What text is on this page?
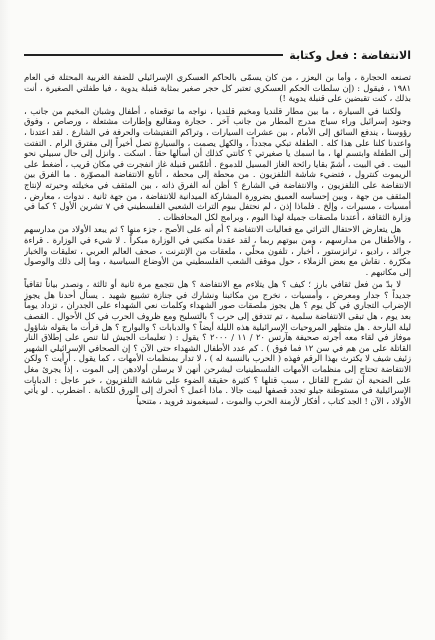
الانتفاضة : فعل وكتابة

تصنعه الحجارة ، وأما بن اليعزر ، من كان يسمّى بالحاكم العسكري الإسرائيلي للضفة الغربية المحتلة في العام ١٩٨١ ، فيقول : (إن سلطات الحكم العسكري تعتبر كل حجر صغير بمثابة قنبلة يدوية ، فيا طفلتي الصغيرة ، أنت بذلك ، كنت تقبضين على قنبلة يدوية !)

ولكننا في السيارة ، ما بين مطار قلنديا ومخيم قلنديا ، نواجه ما توقعناه ، أطفال وشبان المخيم من جانب ، وجنود إسرائيل وراء سياج مدرج المطار من جانب آخر . حجارة ومقاليع وإطارات مشتعلة ، ورصاص ، وفوق رؤوسنا ، يندفع السائق إلى الأمام ، بين عشرات السيارات ، وتراكم التفتيشات والحرفة في الشارع . لقد اعتدنا ، واعتدنا كلنا على هذا كله . الطفلة تبكي مجدداً ، والكهل يصمت ، والسيارة تصل أخيراً إلى مفترق الرام . التفتت إلى الطفلة وابتسم لها ، ما اسمك يا صغيرتي ؟ كانتي كذلك أن أسألها حقاً . اسكت . وانزل إلى حال سبيلي نحو البيت . في البيت ، أشمّ بقايا رائحة الغاز المسيل للدموع . أتلمّس قنبلة غاز انفجرت في مكان قريب ، أضغط على الريموت كنترول ، فتضيء شاشة التلفزيون . من محطة إلى محطة ، أتابع الانتفاضة المصوّرة . ما الفرق بين الانتفاضة على التلفزيون ، والانتفاضة في الشارع ؟ أظن أنه الفرق ذاته ، بين المثقف في مخيلته وحيرته لإنتاج المثقف من جهة ، وبين إحساسه العميق بضرورة المشاركة الميدانية للانتفاضة ، من جهة ثانية . ندوات ، معارض ، أمسيات ، مسيرات ، وإلخ . فلماذا إذن ، لم نحتفل بيوم التراث الشعبي الفلسطيني في ٧ تشرين الأول ؟ كما في وزارة الثقافة ، أعتدنا ملصقات جميلة لهذا اليوم ، وبرامج لكل المحافظات .

هل يتعارض الاحتفال التراثي مع فعاليات الانتفاضة ؟ أم أنه على الأصح ، جزء منها ؟ ثم يبعد الأولاد من مدارسهم ، والأطفال من مدارسهم ، ومن بيوتهم ربما ، لقد عقدنا مكتبي في الوزارة مبكراً . لا شيء في الوزارة . قراءة جرائد ، راديو ، ترانزستور ، أخبار ، تلفون محلّي ، ملعقات من الإنترنت ، صحف العالم العربي ، تعليقات والخبار مكرّرة . نقاش مع بعض الزملاء ، حول موقف الشعب الفلسطيني من الأوضاع السياسية ، وما إلى ذلك والوصول إلى مكاتبهم .

لا بدّ من فعل ثقافي بارز ؛ كيف ؟ هل يتلاءم مع الانتفاضة ؟ هل نتجمع مرة ثانية أو ثالثة ، ونصدر بياناً ثقافياً جديداً ؟ جدار ومعرض ، وأمسيات ، نخرج من مكاتبنا ونشارك في جنازة تشييع شهيد . يسأل أحدنا هل يجوز الإضراب التجاري في كل يوم ؟ هل يجوز ملصقات صور الشهداء وكلمات نعي الشهداء على الجدران ، تزداد يوماً بعد يوم ، هل تبقى الانتفاضة سلمية ، تم تتدفق إلى حرب ؟ بالتسليح ومع ظروف الحرب في كل الأحوال . القصف ليلة البارحة . هل متظهر المروحيات الإسرائيلية هذه الليلة أيضاً ؟ والدبابات ؟ والبوارج ؟ هل قرأت ما يقوله شاؤول موفاز في لقاء معه أجرته صحيفة هآرتس ٢٠ / ١١ / ٢٠٠٠ ؟ يقول : ( تعليمات الجيش لنا تنص على إطلاق النار القاتلة على من هم في سن ١٢ فما فوق ) . كم عدد الأطفال الشهداء حتى الآن ؟ إن الصحافي الإسرائيلي الشهير زئيف شيف لا يكترث بهذا الرقم فهذه ( الحرب بالنسبة له ) ، لا تدار بمنظمات الأمهات ، كما يقول . أرأيت ؟ ولكن الانتفاضة تحتاج إلى منظمات الأمهات الفلسطينيات ليشرحن أنهن لا يرسلن أولادهن إلى الموت ، إذاً يجرئ مغل على الضحية أن تشرح للقاتل ، سبب قتلها ؟ كثيرة حقيقة الضوء على شاشة التلفزيون ، خبر عاجل : الدبابات الإسرائيلية في مستوطنة جيلو تجدد قصفها لبيت جالا . ماذا أعمل ؟ أتحرك إلى الورق للكتابة . اضطرب . لو يأتي الأولاد ، الآن ! الجد كتاب ، أفكار لأزمنة الحرب والموت ، لسيغموند فرويد ، متنحياً
